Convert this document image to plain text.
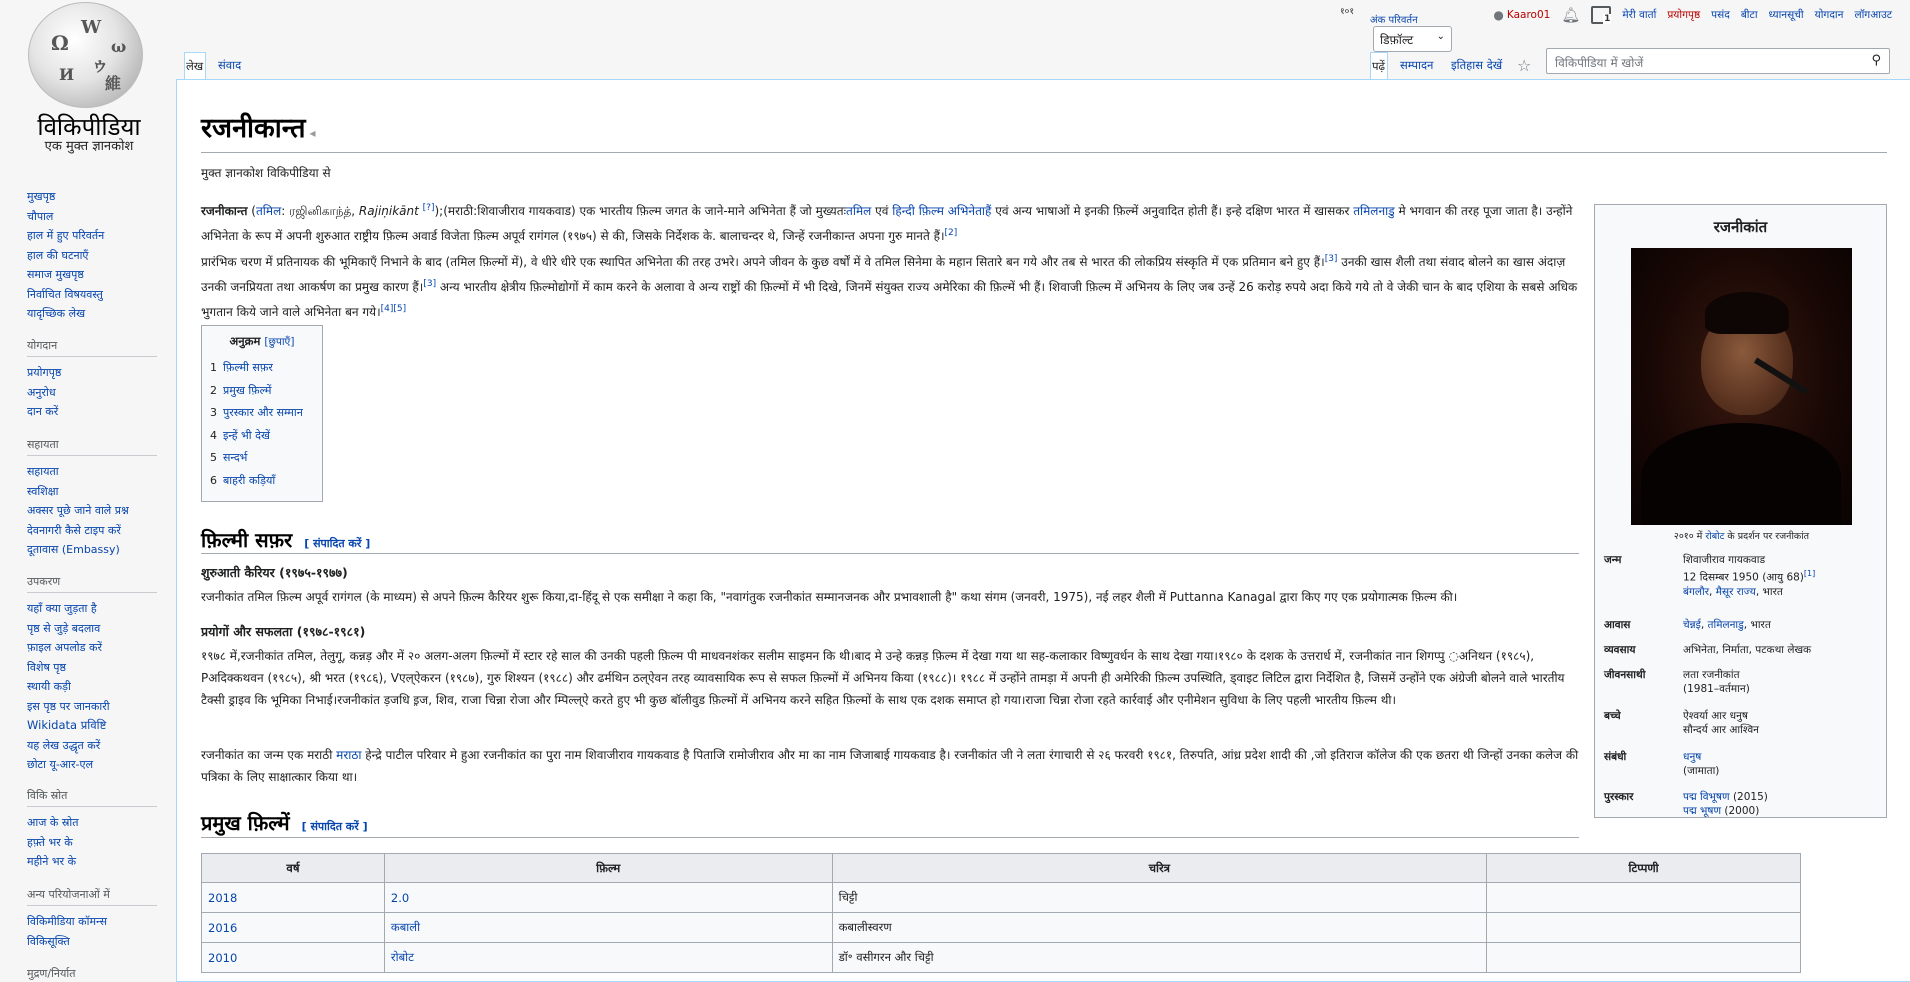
Ω
W
ω
И ゥ
維
विकिपीडिया
एक मुक्त ज्ञानकोश
मुखपृष्ठ
चौपाल
हाल में हुए परिवर्तन
हाल की घटनाएँ
समाज मुखपृष्ठ
निर्वाचित विषयवस्तु
यादृच्छिक लेख
योगदान
प्रयोगपृष्ठ
अनुरोध
दान करें
सहायता
सहायता
स्वशिक्षा
अक्सर पूछे जाने वाले प्रश्न
देवनागरी कैसे टाइप करें
दूतावास (Embassy)
उपकरण
यहाँ क्या जुड़ता है
पृष्ठ से जुड़े बदलाव
फ़ाइल अपलोड करें
विशेष पृष्ठ
स्थायी कड़ी
इस पृष्ठ पर जानकारी
Wikidata प्रविष्टि
यह लेख उद्धृत करें
छोटा यू-आर-एल
विकि स्रोत
आज के स्रोत
हफ़्ते भर के
महीने भर के
अन्य परियोजनाओं में
विकिमीडिया कॉमन्स
विकिसूक्ति
मुद्रण/निर्यात
१०१
अंक परिवर्तन
डिफ़ॉल्ट ⌄
● Kaaro01 🔔︎	1 मेरी वार्ता प्रयोगपृष्ठ पसंद बीटा ध्यानसूची योगदान लॉगआउट
लेख संवाद	पढ़ें सम्पादन इतिहास देखें ☆	विकिपीडिया में खोजें	⚲
रजनीकान्त ◂
मुक्त ज्ञानकोश विकिपीडिया से
रजनीकान्त (तमिल: ரஜினிகாந்த், Rajiņikānt [?]);(मराठी:शिवाजीराव गायकवाड) एक भारतीय फ़िल्म जगत के जाने-माने अभिनेता हैं जो मुख्यतःतमिल एवं हिन्दी फ़िल्म अभिनेताहैं एवं अन्य भाषाओं मे इनकी फ़िल्में अनुवादित होती हैं। इन्हे दक्षिण भारत में खासकर तमिलनाडु मे भगवान की तरह पूजा जाता है। उन्होंने अभिनेता के रूप में अपनी शुरुआत राष्ट्रीय फ़िल्म अवार्ड विजेता फ़िल्म अपूर्व रागंगल (१९७५) से की, जिसके निर्देशक के. बालाचन्दर थे, जिन्हें रजनीकान्त अपना गुरु मानते हैं।[2]
प्रारंभिक चरण में प्रतिनायक की भूमिकाएँ निभाने के बाद (तमिल फ़िल्मों में), वे धीरे धीरे एक स्थापित अभिनेता की तरह उभरे। अपने जीवन के कुछ वर्षों में वे तमिल सिनेमा के महान सितारे बन गये और तब से भारत की लोकप्रिय संस्कृति में एक प्रतिमान बने हुए हैं।[3] उनकी खास शैली तथा संवाद बोलने का खास अंदाज़ उनकी जनप्रियता तथा आकर्षण का प्रमुख कारण हैं।[3] अन्य भारतीय क्षेत्रीय फ़िल्मोद्योगों में काम करने के अलावा वे अन्य राष्ट्रों की फ़िल्मों में भी दिखे, जिनमें संयुक्त राज्य अमेरिका की फ़िल्में भी हैं। शिवाजी फ़िल्म में अभिनय के लिए जब उन्हें 26 करोड़ रुपये अदा किये गये तो वे जेकी चान के बाद एशिया के सबसे अधिक भुगतान किये जाने वाले अभिनेता बन गये।[4][5]
अनुक्रम [छुपाएँ]
1 फ़िल्मी सफ़र
2 प्रमुख फ़िल्में
3 पुरस्कार और सम्मान
4 इन्हें भी देखें
5 सन्दर्भ
6 बाहरी कड़ियाँ
फ़िल्मी सफ़र [ संपादित करें ]
शुरुआती कैरियर (१९७५-१९७७)
रजनीकांत तमिल फ़िल्म अपूर्व रागंगल (के माध्यम) से अपने फ़िल्म कैरियर शुरू किया,दा-हिंदू से एक समीक्षा ने कहा कि, "नवागंतुक रजनीकांत सम्मानजनक और प्रभावशाली है" कथा संगम (जनवरी, 1975), नई लहर शैली में Puttanna Kanagal द्वारा किए गए एक प्रयोगात्मक फ़िल्म की।
प्रयोगों और सफलता (१९७८-१९८१)
१९७८ में,रजनीकांत तमिल, तेलुगू, कन्नड़ और में २० अलग-अलग फ़िल्मों में स्टार रहे साल की उनकी पहली फ़िल्म पी माधवनशंकर सलीम साइमन कि थी।बाद मे उन्हे कन्नड़ फ़िल्म में देखा गया था सह-कलाकार विष्णुवर्धन के साथ देखा गया।१९८० के दशक के उत्तरार्ध में, रजनीकांत नान शिगप्पु ◌अनिथन (१९८५), Pअदिक्कथवन (१९८५), श्री भरत (१९८६), Vएल्ऐकरन (१९८७), गुरु शिश्यन (१९८८) और ढर्मथिन ठल्ऐवन तरह व्यावसायिक रूप से सफल फ़िल्मों में अभिनय किया (१९८८)। १९८८ में उन्होंने तामड़ा में अपनी ही अमेरिकी फ़िल्म उपस्थिति, ड्वाइट लिटिल द्वारा निर्देशित है, जिसमें उन्होंने एक अंग्रेजी बोलने वाले भारतीय टैक्सी ड्राइव कि भूमिका निभाई।रजनीकांत ड़जधि इ़ज, शिव, राजा चिन्ना रोजा और म्पिल्ल्ऐ करते हुए भी कुछ बॉलीवुड फ़िल्मों में अभिनय करने सहित फ़िल्मों के साथ एक दशक समाप्त हो गया।राजा चिन्ना रोजा रहते कार्रवाई और एनीमेशन सुविधा के लिए पहली भारतीय फ़िल्म थी।
रजनीकांत का जन्म एक मराठी मराठा हेन्द्रे पाटील परिवार मे हुआ रजनीकांत का पुरा नाम शिवाजीराव गायकवाड है पिताजि रामोजीराव और मा का नाम जिजाबाई गायकवाड है। रजनीकांत जी ने लता रंगाचारी से २६ फरवरी १९८१, तिरुपति, आंध्र प्रदेश शादी की ,जो इतिराज कॉलेज की एक छतरा थी जिन्हों उनका कलेज की पत्रिका के लिए साक्षात्कार किया था।
प्रमुख फ़िल्में [ संपादित करें ]
वर्ष	फ़िल्म	चरित्र	टिप्पणी
2018	2.0	चिट्टी	
2016	कबाली	कबालीस्वरण	
2010	रोबोट	डॉ॰ वसीगरन और चिट्टी	
रजनीकांत
२०१० में रोबोट के प्रदर्शन पर रजनीकांत
जन्म	शिवाजीराव गायकवाड
12 दिसम्बर 1950 (आयु 68)[1]
बंगलौर, मैसूर राज्य, भारत
आवास	चेन्नई, तमिलनाडु, भारत
व्यवसाय	अभिनेता, निर्माता, पटकथा लेखक
जीवनसाथी	लता रजनीकांत
(1981–वर्तमान)
बच्चे	ऐश्वर्या आर धनुष
सौन्दर्य आर आश्विन
संबंधी	धनुष
(जामाता)
पुरस्कार	पद्म विभूषण (2015)
पद्म भूषण (2000)
